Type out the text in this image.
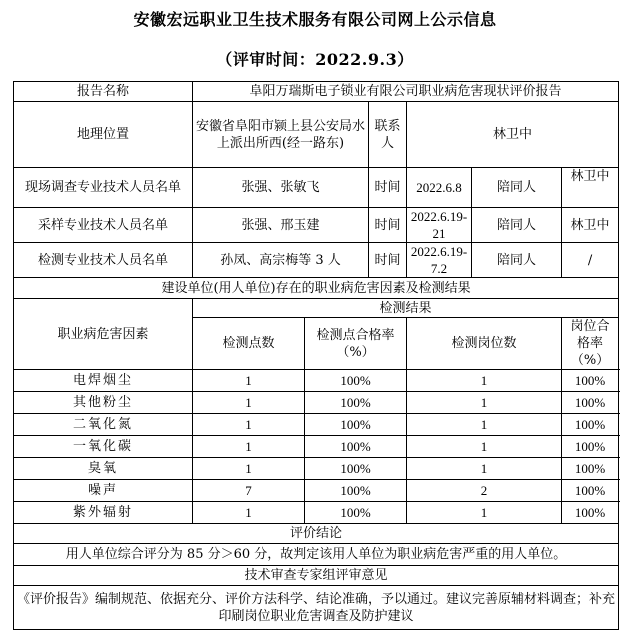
安徽宏远职业卫生技术服务有限公司网上公示信息
（评审时间：2022.9.3）
报告名称	阜阳万瑞斯电子锁业有限公司职业病危害现状评价报告					
地理位置	安徽省阜阳市颍上县公安局水上派出所西(经一路东)		联系人	林卫中		
现场调查专业技术人员名单	张强、张敏飞		时间	2022.6.8	陪同人	林卫中
采样专业技术人员名单	张强、邢玉建		时间	2022.6.19-21	陪同人	林卫中
检测专业技术人员名单	孙凤、高宗梅等 3 人		时间	2022.6.19-7.2	陪同人	/
建设单位(用人单位)存在的职业病危害因素及检测结果						
职业病危害因素	检测结果					
	检测点数	检测点合格率（%）		检测岗位数		岗位合格率（%）
电焊烟尘	1	100%		1		100%
其他粉尘	1	100%		1		100%
二氧化氮	1	100%		1		100%
一氧化碳	1	100%		1		100%
臭氧	1	100%		1		100%
噪声	7	100%		2		100%
紫外辐射	1	100%		1		100%
评价结论						
用人单位综合评分为 85 分＞60 分，故判定该用人单位为职业病危害严重的用人单位。						
技术审查专家组评审意见						
《评价报告》编制规范、依据充分、评价方法科学、结论准确，予以通过。建议完善原辅材料调查；补充印刷岗位职业危害调查及防护建议						
